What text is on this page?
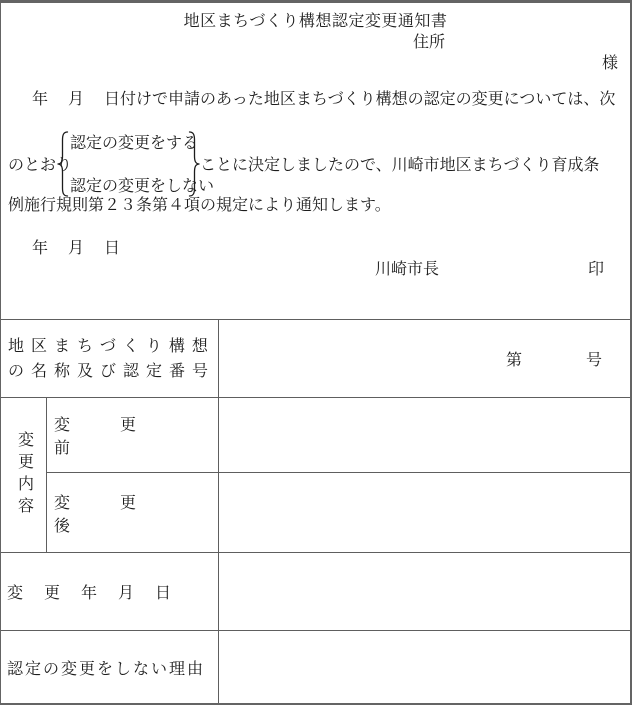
地区まちづくり構想認定変更通知書
住所
様
年　 月　 日付けで申請のあった地区まちづくり構想の認定の変更については、次
のとおり
認定の変更をする
認定の変更をしない
ことに決定しましたので、川崎市地区まちづくり育成条
例施行規則第２３条第４項の規定により通知します。
年　 月　 日
川崎市長	印
地区まちづくり構想
の名称及び認定番号
第　　　　号
変更内容
変更前
変更後
変更年月日
認定の変更をしない理由
